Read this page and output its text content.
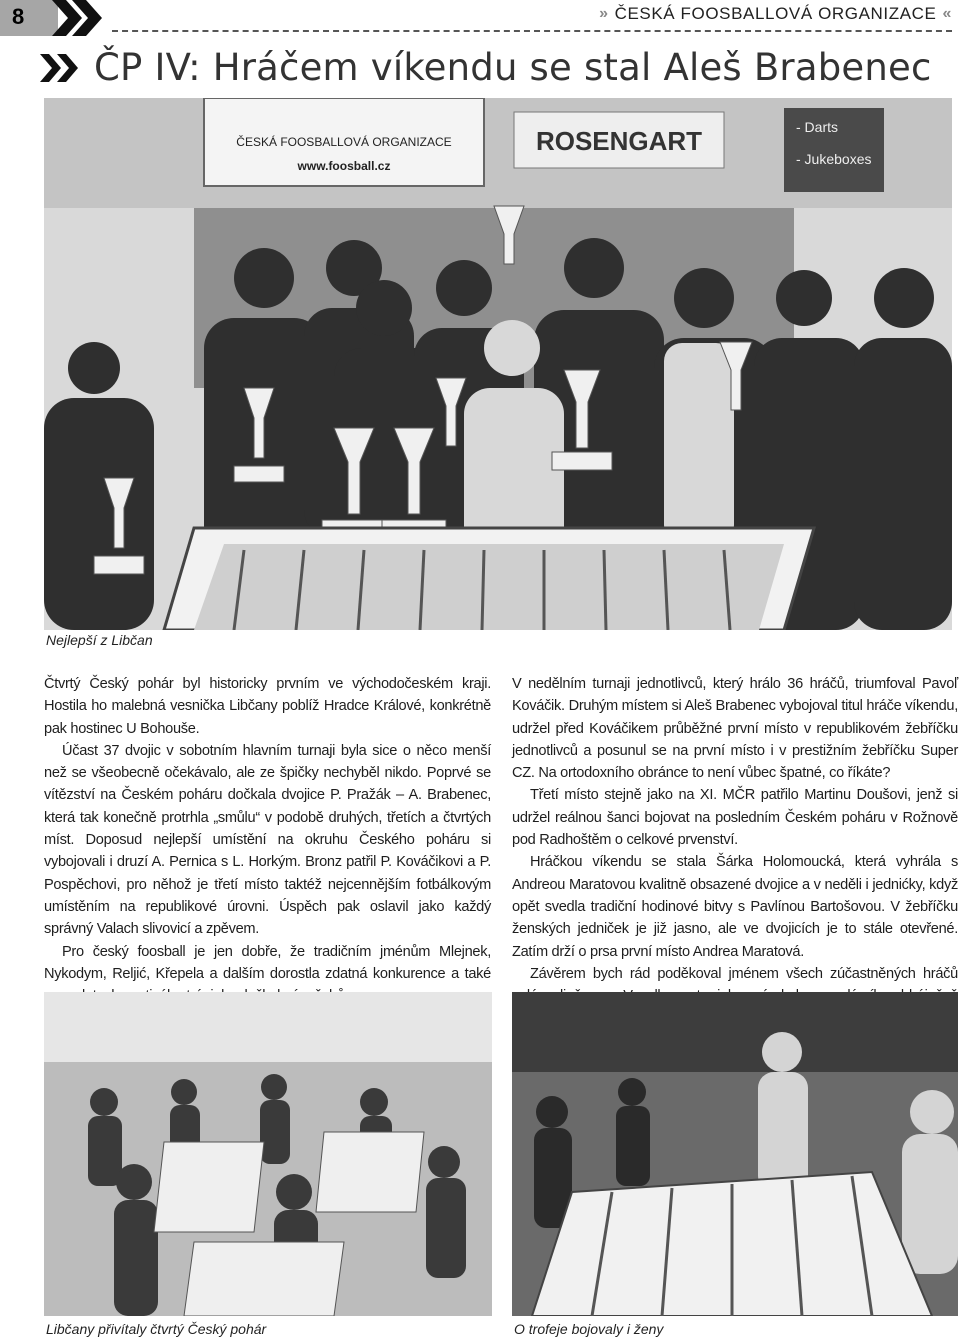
8	» ČESKÁ FOOSBALLOVÁ ORGANIZACE «
ČP IV: Hráčem víkendu se stal Aleš Brabenec
ČESKÁ FOOSBALLOVÁ ORGANIZACE
www.foosball.cz
ROSENGART	- Darts
- Jukeboxes
Nejlepší z Libčan

Čtvrtý Český pohár byl historicky prvním ve východočeském kraji. Hostila ho malebná vesnička Libčany poblíž Hradce Králové, konkrétně pak hostinec U Bohouše.

Účast 37 dvojic v sobotním hlavním turnaji byla sice o něco menší než se všeobecně očekávalo, ale ze špičky nechyběl nikdo. Poprvé se vítězství na Českém poháru dočkala dvojice P. Pražák – A. Brabenec, která tak konečně protrhla „smůlu“ v podobě druhých, třetích a čtvrtých míst. Doposud nejlepší umístění na okruhu Českého poháru si vybojovali i druzí A. Pernica s L. Horkým. Bronz patřil P. Kováčikovi a P. Pospěchovi, pro něhož je třetí místo taktéž nejcennějším fotbálkovým umístěním na republikové úrovni. Úspěch pak oslavil jako každý správný Valach slivovicí a zpěvem.

Pro český foosball je jen dobře, že tradičním jménům Mlejnek, Nykodym, Reljić, Křepela a dalším dorostla zdatná konkurence a také

V nedělním turnaji jednotlivců, který hrálo 36 hráčů, triumfoval Pavoľ Kováčik. Druhým místem si Aleš Brabenec vybojoval titul hráče víkendu, udržel před Kováčikem průběžné první místo v republikovém žebříčku jednotlivců a posunul se na první místo i v prestižním žebříčku Super CZ. Na ortodoxního obránce to není vůbec špatné, co říkáte?

Třetí místo stejně jako na XI. MČR patřilo Martinu Doušovi, jenž si udržel reálnou šanci bojovat na posledním Českém poháru v Rožnově pod Radhoštěm o celkové prvenství.

Hráčkou víkendu se stala Šárka Holomoucká, která vyhrála s Andreou Maratovou kvalitně obsazené dvojice a v neděli i jednićky, když opět svedla tradiční hodinové bitvy s Pavlínou Bartošovou. V žebříčku ženských jedniček je již jasno, ale ve dvojicích je to stále otevřené. Zatím drží o prsa první místo Andrea Maratová.

Závěrem bych rád poděkoval jménem všech zúčastněných hráčů

Libčany přivítaly čtvrtý Český pohár	O trofeje bojovaly i ženy
